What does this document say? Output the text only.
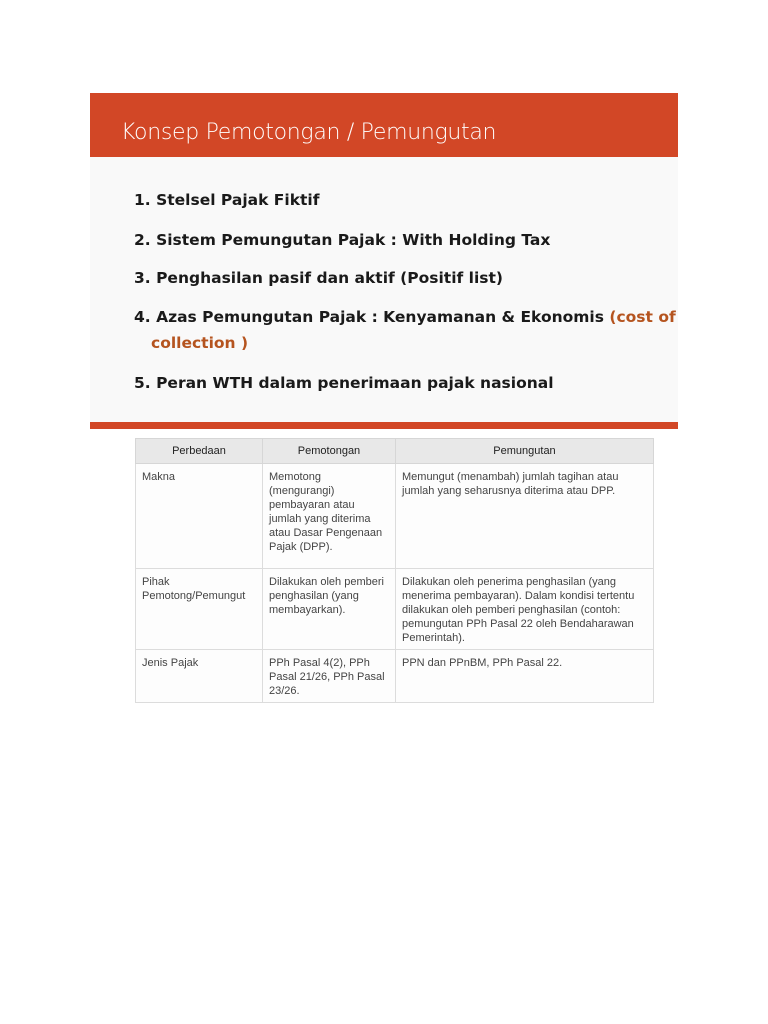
Konsep Pemotongan / Pemungutan
1. Stelsel Pajak Fiktif
2. Sistem Pemungutan Pajak : With Holding Tax
3. Penghasilan pasif dan aktif (Positif list)
4. Azas Pemungutan Pajak : Kenyamanan & Ekonomis (cost of
collection )
5. Peran WTH dalam penerimaan pajak nasional
Perbedaan	Pemotongan	Pemungutan
Makna	Memotong (mengurangi) pembayaran atau jumlah yang diterima atau Dasar Pengenaan Pajak (DPP).	Memungut (menambah) jumlah tagihan atau jumlah yang seharusnya diterima atau DPP.
Pihak Pemotong/Pemungut	Dilakukan oleh pemberi penghasilan (yang membayarkan).	Dilakukan oleh penerima penghasilan (yang menerima pembayaran). Dalam kondisi tertentu dilakukan oleh pemberi penghasilan (contoh: pemungutan PPh Pasal 22 oleh Bendaharawan Pemerintah).
Jenis Pajak	PPh Pasal 4(2), PPh Pasal 21/26, PPh Pasal 23/26.	PPN dan PPnBM, PPh Pasal 22.
